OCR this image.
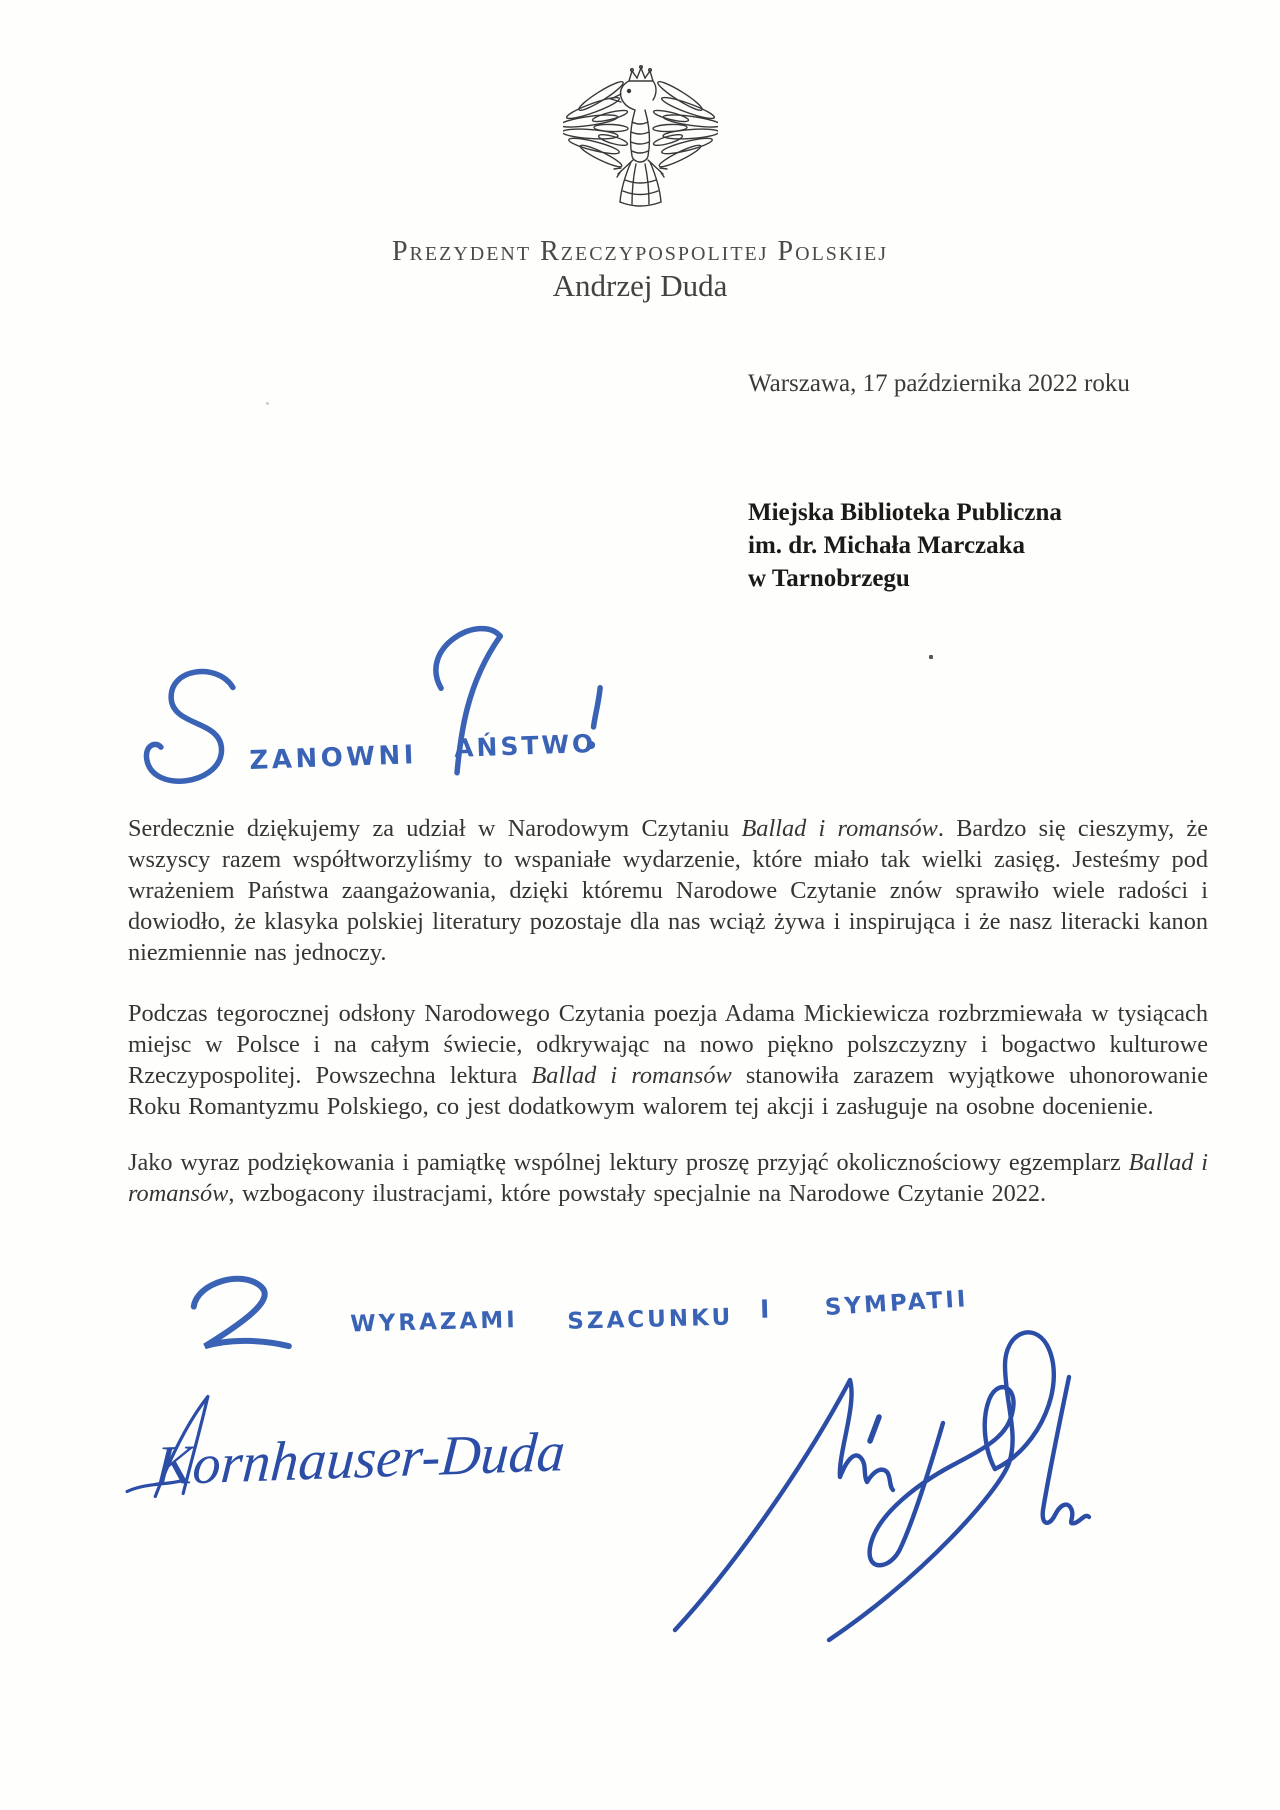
Prezydent Rzeczypospolitej Polskiej
Andrzej Duda
Warszawa, 17 października 2022 roku
Miejska Biblioteka Publiczna
im. dr. Michała Marczaka
w Tarnobrzegu
ZANOWNI AŃSTWO

Serdecznie dziękujemy za udział w Narodowym Czytaniu Ballad i romansów. Bardzo się cieszymy, że wszyscy razem współtworzyliśmy to wspaniałe wydarzenie, które miało tak wielki zasięg. Jesteśmy pod wrażeniem Państwa zaangażowania, dzięki któremu Narodowe Czytanie znów sprawiło wiele radości i dowiodło, że klasyka polskiej literatury pozostaje dla nas wciąż żywa i inspirująca i że nasz literacki kanon niezmiennie nas jednoczy.

Podczas tegorocznej odsłony Narodowego Czytania poezja Adama Mickiewicza rozbrzmiewała w tysiącach miejsc w Polsce i na całym świecie, odkrywając na nowo piękno polszczyzny i bogactwo kulturowe Rzeczypospolitej. Powszechna lektura Ballad i romansów stanowiła zarazem wyjątkowe uhonorowanie Roku Romantyzmu Polskiego, co jest dodatkowym walorem tej akcji i zasługuje na osobne docenienie.

Jako wyraz podziękowania i pamiątkę wspólnej lektury proszę przyjąć okolicznościowy egzemplarz Ballad i romansów, wzbogacony ilustracjami, które powstały specjalnie na Narodowe Czytanie 2022.

WYRAZAMI SZACUNKU I SYMPATII
Kornhauser-Duda
